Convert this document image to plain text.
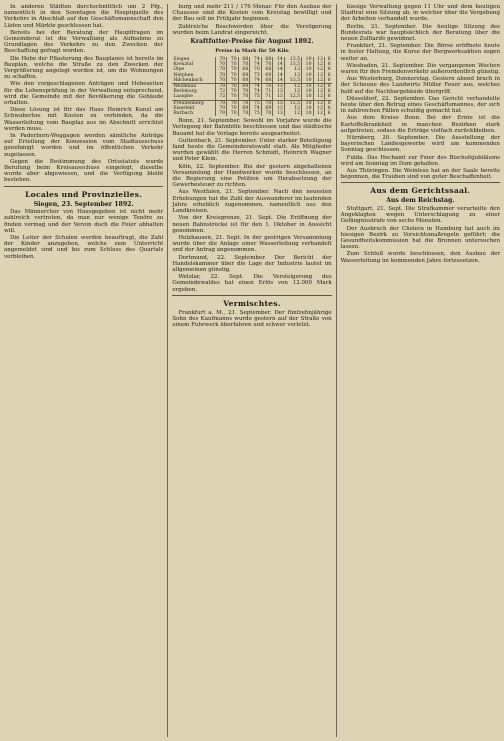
In anderen Städten durchschnittlich um 2 Pfg., namentlich in den Sonntagen die Hauptquelle des Verkehrs in Abschluß auf den Geschäftsmannschaft den Läden und Märkte geschlossen hat.

Bereits bei der Beratung der Hauptfragen im Gemeinderat ist die Verwaltung als Aufnahme zu Grundlagen des Verkehrs zu den Zwecken der Beschaffung gefragt worden.

Die Hebe der Pflasterung des Bauplanes ist bereits im Bauplan, welche die Straße zu den Zwecken der Vergrößerung angelegt worden ist, um die Wohnungen zu schaffen.

Wie den vorgeschlagenen Anträgen und Hebeseiten für die Lebensprüfung in der Verwaltung entsprechend, wird die Gemeinde mit der Bevölkerung die Gebäude erhalten.

Diese Lösung ist für das Haus Heinrich Kunzl am Schwabertoe mit Kosten zu verbinden, da die Wasserleitung vom Bauplaz aus im Abschnitt errichtet werden muss.

In Paderborn-Weggagen werden sämtliche Anträge auf Erteilung der Konzession vom Stadtausschuss genehmigt worden und im öffentlichen Verkehr zugelassen.

Gegen die Bestimmung des Ortsstatuts wurde Berufung beim Kreisausschuss eingelegt, dieselbe wurde aber abgewiesen, und die Verfügung bleibt bestehen.

Locales und Provinzielles.
Siegen, 23. September 1892.

Das Männerchor von Hausgegeben ist nicht mehr zahlreich vertreten, da man nur wenige Tenöre zu finden vermag und der Verein doch die Feier abhalten will.

Die Leiter der Schulen werden beauftragt, die Zahl der Kinder anzugeben, welche zum Unterricht angemeldet sind und bis zum Schluss des Quartals verbleiben.

burg und mehr 211 / 176 Menar. Für den Ausbau der Chaussee sind die Kosten vom Kreistag bewilligt und der Bau soll im Frühjahr beginnen.

Zahlreiche Beschwerden über die Verzögerung wurden beim Landrat eingereicht.

Kraftfutter-Preise für August 1892.
Preise in Mark für 50 Kilo
Siegen	70	70	68	74	68	14	13,5	10	12	6
Kreuztal	70	70	70	74	70	14	13,5	10	12	6
Olpe	70	70	68	70	68	14	13	10	12	6
Netphen	70	70	68	73	69	14	13	10	12	6
Hilchenbach	70	70	68	74	68	14	13,5	10	12	6
Weidenau	70	70	69	74	70	13	12	10	12	6
Berleburg	72	70	70	74	71	13	12	10	12	6
Laasphe	72	70	70	75	71	13	12,5	10	12	6
Freudenberg	70	70	70	75	70	13	12,5	10	12	6
Eiserfeld	70	70	69	74	69	13	12	10	12	6
Burbach	70	70	70	75	70	13	12	10	12	6

Bonn, 21. September. Sowohl im Vorjahre wurde die Verlegung der Bahnhöfe beschlossen und das städtische Bauamt hat die Vorlage bereits ausgearbeitet.

Guttenbach, 21. September. Unter starker Beteiligung fand heute die Gemeinderatswahl statt. Als Mitglieder wurden gewählt die Herren Schmidt, Heinrich Wagner und Peter Klein.

Köln, 22. September. Bei der gestern abgehaltenen Versammlung der Handwerker wurde beschlossen, an die Regierung eine Petition um Herabsetzung der Gewerbesteuer zu richten.

Aus Westfalen, 21. September. Nach den neuesten Erhebungen hat die Zahl der Auswanderer im laufenden Jahre erheblich zugenommen, namentlich aus den Landkreisen.

Von der Kreisgrenze, 21. Sept. Die Eröffnung der neuen Bahnstrecke ist für den 1. Oktober in Aussicht genommen.

Holzhausen, 21. Sept. In der gestrigen Versammlung wurde über die Anlage einer Wasserleitung verhandelt und der Antrag angenommen.

Dortmund, 22. September. Der Bericht der Handelskammer über die Lage der Industrie lautet im allgemeinen günstig.

Wetzlar, 22. Sept. Die Versteigerung des Gemeindewaldes hat einen Erlös von 12.000 Mark ergeben.

Vermischtes.

Frankfurt a. M., 21. September. Der fünfzehnjährige Sohn des Kaufmanns wurde gestern auf der Straße von einem Fuhrwerk überfahren und schwer verletzt.

hiesige Verwaltung gegen 11 Uhr und dem heutigen Stadtrat eine Sitzung ab, in welcher über die Vergebung der Arbeiten verhandelt wurde.

Berlin, 21. September. Die heutige Sitzung des Bundesrats war hauptsächlich der Beratung über die neuen Zolltarife gewidmet.

Frankfurt, 21. September. Die Börse eröffnete heute in fester Haltung, die Kurse der Bergwerksaktien zogen weiter an.

Wiesbaden, 21. September. Die vergangenen Wochen waren für den Fremdenverkehr außerordentlich günstig.

Aus Westerburg, Donnerstag. Gestern abend brach in der Scheune des Landwirts Müller Feuer aus, welches bald auf die Nachbargebäude übergriff.

Düsseldorf, 22. September. Das Gericht verhandelte heute über den Betrug eines Geschäftsmannes, der sich in zahlreichen Fällen schuldig gemacht hat.

Aus dem Kreise Bonn. Bei der Ernte ist die Kartoffelkrankheit in manchen Bezirken stark aufgetreten, sodass die Erträge vielfach zurückbleiben.

Nürnberg, 20. September. Die Ausstellung der bayerischen Landesgewerbe wird am kommenden Sonntag geschlossen.

Fulda. Das Hochamt zur Feier des Bischofsjubiläums wird am Sonntag im Dom gehalten.

Aus Thüringen. Die Weinlese hat an der Saale bereits begonnen, die Trauben sind von guter Beschaffenheit.

Aus dem Gerichtssaal.
Aus dem Reichstag.

Stuttgart, 21. Sept. Die Strafkammer verurteilte den Angeklagten wegen Unterschlagung zu einer Gefängnisstrafe von sechs Monaten.

Der Ausbruch der Cholera in Hamburg hat auch im hiesigen Bezirk zu Vorsichtsmaßregeln geführt; die Gesundheitskommission hat die Brunnen untersuchen lassen.

Zum Schluß wurde beschlossen, den Ausbau der Wasserleitung im kommenden Jahre fortzusetzen.
